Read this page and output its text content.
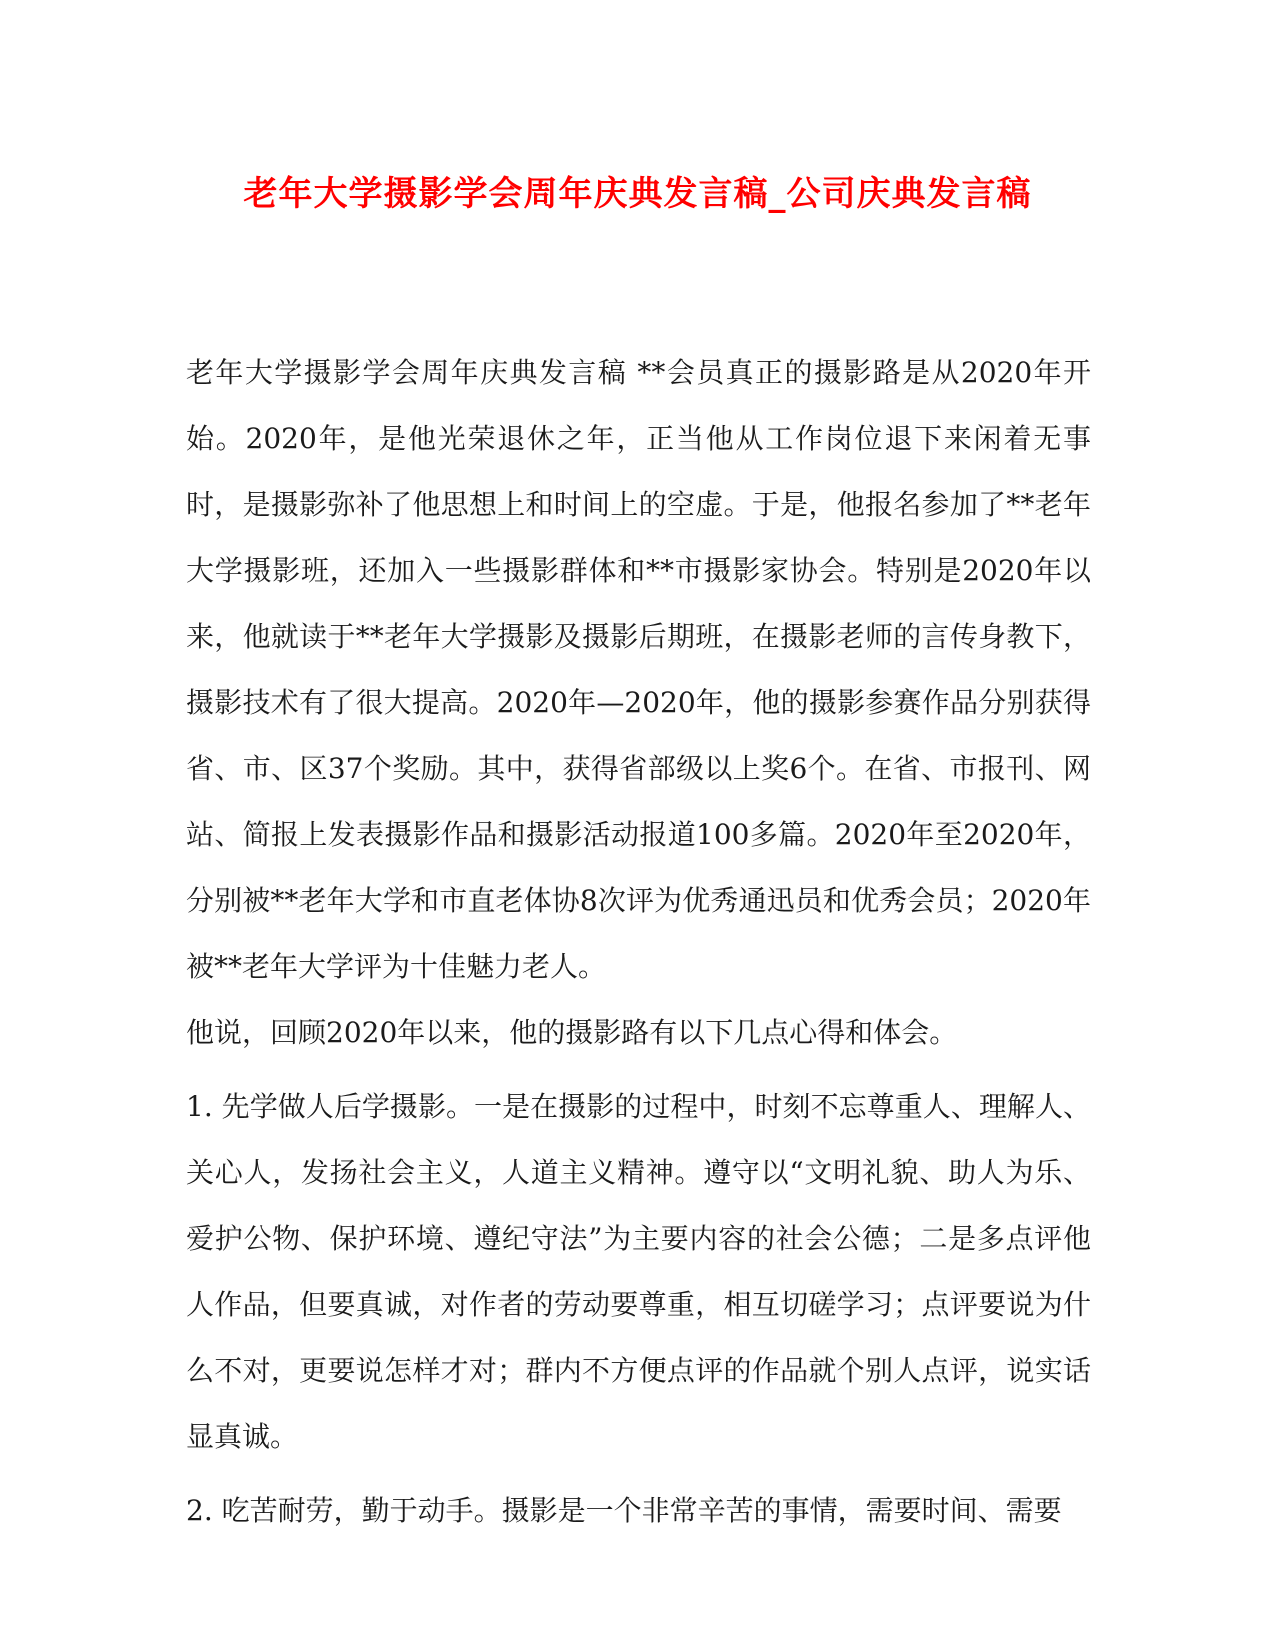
老年大学摄影学会周年庆典发言稿_公司庆典发言稿

老年大学摄影学会周年庆典发言稿 **会员真正的摄影路是从2020年开始。2020年，是他光荣退休之年，正当他从工作岗位退下来闲着无事时，是摄影弥补了他思想上和时间上的空虚。于是，他报名参加了**老年大学摄影班，还加入一些摄影群体和**市摄影家协会。特别是2020年以来，他就读于**老年大学摄影及摄影后期班，在摄影老师的言传身教下，摄影技术有了很大提高。2020年—2020年，他的摄影参赛作品分别获得省、市、区37个奖励。其中，获得省部级以上奖6个。在省、市报刊、网站、简报上发表摄影作品和摄影活动报道100多篇。2020年至2020年，分别被**老年大学和市直老体协8次评为优秀通迅员和优秀会员；2020年被**老年大学评为十佳魅力老人。

他说，回顾2020年以来，他的摄影路有以下几点心得和体会。

1. 先学做人后学摄影。一是在摄影的过程中，时刻不忘尊重人、理解人、关心人，发扬社会主义，人道主义精神。遵守以“文明礼貌、助人为乐、爱护公物、保护环境、遵纪守法”为主要内容的社会公德；二是多点评他人作品，但要真诚，对作者的劳动要尊重，相互切磋学习；点评要说为什么不对，更要说怎样才对；群内不方便点评的作品就个别人点评，说实话显真诚。

2. 吃苦耐劳，勤于动手。摄影是一个非常辛苦的事情，需要时间、需要
